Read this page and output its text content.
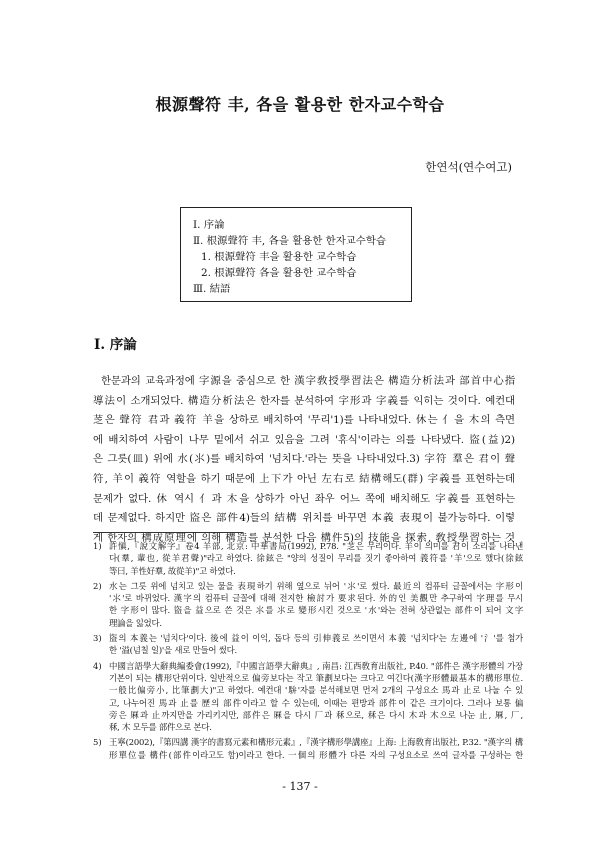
根源聲符 丰, 各을 활용한 한자교수학습
한연석(연수여고)
Ⅰ. 序論
Ⅱ. 根源聲符 丰, 各을 활용한 한자교수학습
1. 根源聲符 丰을 활용한 교수학습
2. 根源聲符 各을 활용한 교수학습
Ⅲ. 結語
Ⅰ. 序論
한문과의 교육과정에 字源을 중심으로 한 漢字敎授學習法은 構造分析法과 部首中心指
導法이 소개되었다. 構造分析法은 한자를 분석하여 字形과 字義를 익히는 것이다. 예컨대
䒦은 聲符 君과 義符 羊을 상하로 배치하여 '무리'1)를 나타내었다. 休는 亻을 木의 측면
에 배치하여 사람이 나무 밑에서 쉬고 있음을 그려 '휴식'이라는 의를 나타냈다. 盜(益)2)
은 그릇(皿) 위에 水(⺢)를 배치하여 '넘치다.'라는 뜻을 나타내었다.3) 字符 羣은 君이 聲
符, 羊이 義符 역할을 하기 때문에 上下가 아닌 左右로 結構해도(群) 字義를 표현하는데
문제가 없다. 休 역시 亻과 木을 상하가 아닌 좌우 어느 쪽에 배치해도 字義를 표현하는
데 문제없다. 하지만 盜은 部件4)들의 結構 위치를 바꾸면 本義 表現이 불가능하다. 이렇
게 한자의 構成原理에 의해 構造를 분석한 다음 構件5)의 技能을 探索, 敎授學習하는 것
1) 許愼,『說文解字』卷4 羊部, 北京: 中華書局(1992), P.78. "䒦은 무리이다. 羊이 의미를 君이 소리를 나타낸
다(羣, 輩也, 從羊君聲)"라고 하였다. 徐鉉은 "양의 성질이 무리를 짓기 좋아하여 義符를 '羊'으로 했다(徐鉉
等曰, 羊性好羣, 故從羊)"고 하였다.
2) 水는 그릇 위에 넘치고 있는 물을 表現하기 위해 옆으로 뉘어 '⺢'로 썼다. 最近의 컴퓨터 글꼴에서는 字形이
'⺢'로 바뀌었다. 漢字의 컴퓨터 글꼴에 대해 전지한 檢討가 要求된다. 外的인 美觀만 추구하여 字理를 무시
한 字形이 많다. 盜을 益으로 쓴 것은 ⺢를 ⺢로 變形시킨 것으로 '水'와는 전혀 상관없는 部件이 되어 文字
理論을 잃었다.
3) 盜의 本義는 '넘치다'이다. 後에 益이 이익, 돕다 등의 引伸義로 쓰이면서 本義 '넘치다'는 左邊에 '氵'를 첨가
한 '溢(넘칠 일)'을 새로 만들어 썼다.
4) 中國言語學大辭典編委會(1992),『中國言語學大辭典』, 南昌: 江西敎育出版社, P.40. "部件은 漢字形體의 가장
기본이 되는 構形단위이다. 일반적으로 偏旁보다는 작고 筆劃보다는 크다고 여긴다(漢字形體最基本的構形單位.
一般比偏旁小, 比筆劃大)"고 하였다. 예컨대 '䮁'자를 분석해보면 먼저 2개의 구성요소 馬과 止로 나눌 수 있
고, 나누어진 馬과 止를 歷의 部件이라고 할 수 있는데, 이때는 편방과 部件이 같은 크기이다. 그러나 보통 偏
旁은 厤과 止까지만을 가리키지만, 部件은 厤을 다시 厂과 秝으로, 秝은 다시 木과 木으로 나눈 止, 厤, 厂,
秝, 木 모두를 部件으로 본다.
5) 王寧(2002),『第四講 漢字的書寫元素和構形元素』,『漢字構形學講座』上海: 上海敎育出版社, P.32. "漢字의 構
形單位를 構件(部件이라고도 함)이라고 한다. 一個의 形體가 다른 자의 구성요소로 쓰여 글자를 구성하는 한
- 137 -
